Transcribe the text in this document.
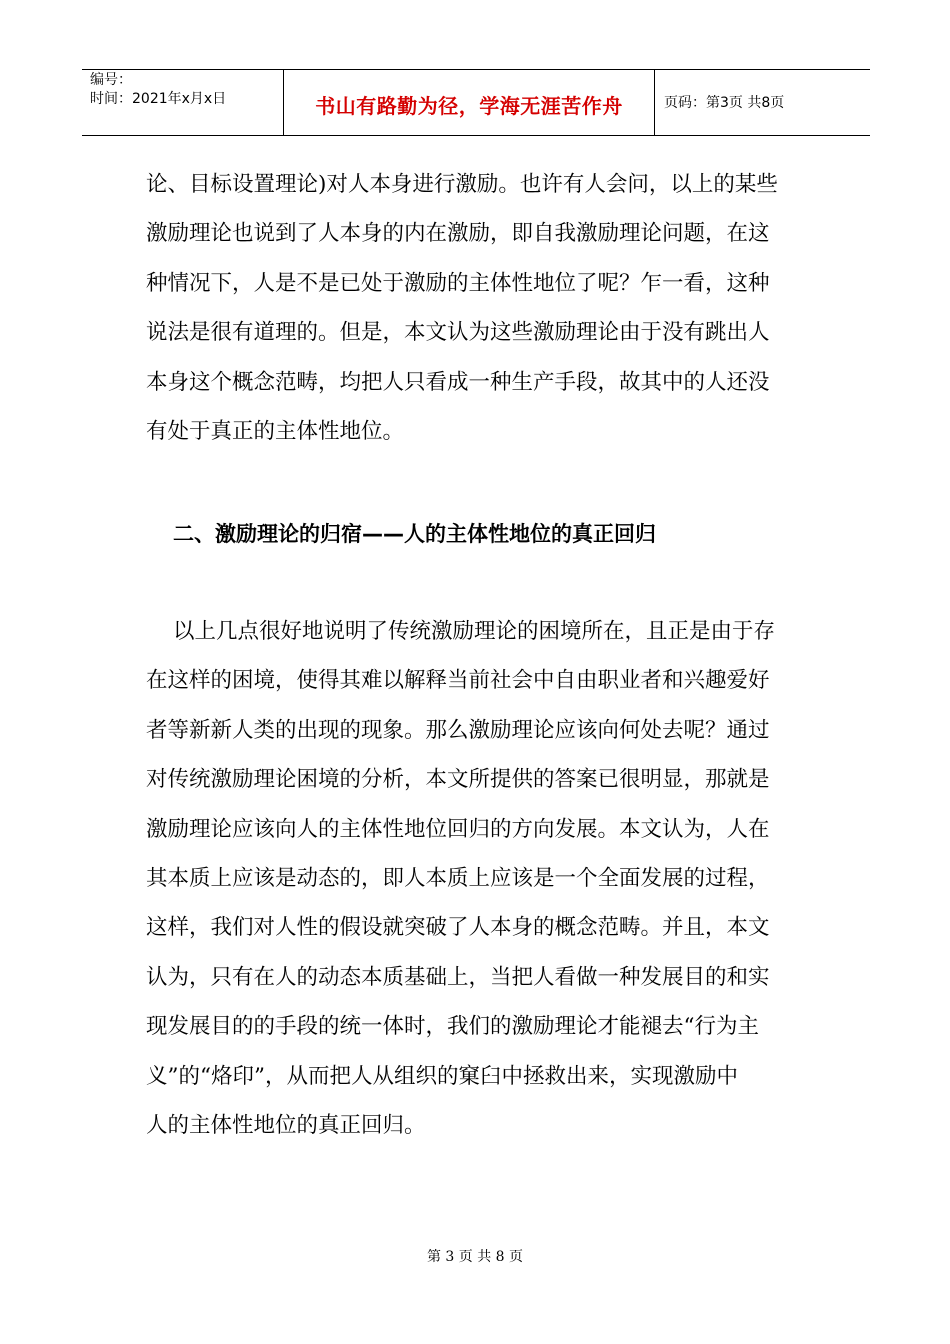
编号：
时间：2021年x月x日	书山有路勤为径，学海无涯苦作舟	页码：第3页 共8页
论、目标设置理论)对人本身进行激励。也许有人会问，以上的某些
激励理论也说到了人本身的内在激励，即自我激励理论问题，在这
种情况下，人是不是已处于激励的主体性地位了呢？乍一看，这种
说法是很有道理的。但是，本文认为这些激励理论由于没有跳出人
本身这个概念范畴，均把人只看成一种生产手段，故其中的人还没
有处于真正的主体性地位。
二、激励理论的归宿——人的主体性地位的真正回归
以上几点很好地说明了传统激励理论的困境所在，且正是由于存
在这样的困境，使得其难以解释当前社会中自由职业者和兴趣爱好
者等新新人类的出现的现象。那么激励理论应该向何处去呢？通过
对传统激励理论困境的分析，本文所提供的答案已很明显，那就是
激励理论应该向人的主体性地位回归的方向发展。本文认为，人在
其本质上应该是动态的，即人本质上应该是一个全面发展的过程，
这样，我们对人性的假设就突破了人本身的概念范畴。并且，本文
认为，只有在人的动态本质基础上，当把人看做一种发展目的和实
现发展目的的手段的统一体时，我们的激励理论才能褪去“行为主
义”的“烙印”，从而把人从组织的窠臼中拯救出来，实现激励中
人的主体性地位的真正回归。
第 3 页 共 8 页
